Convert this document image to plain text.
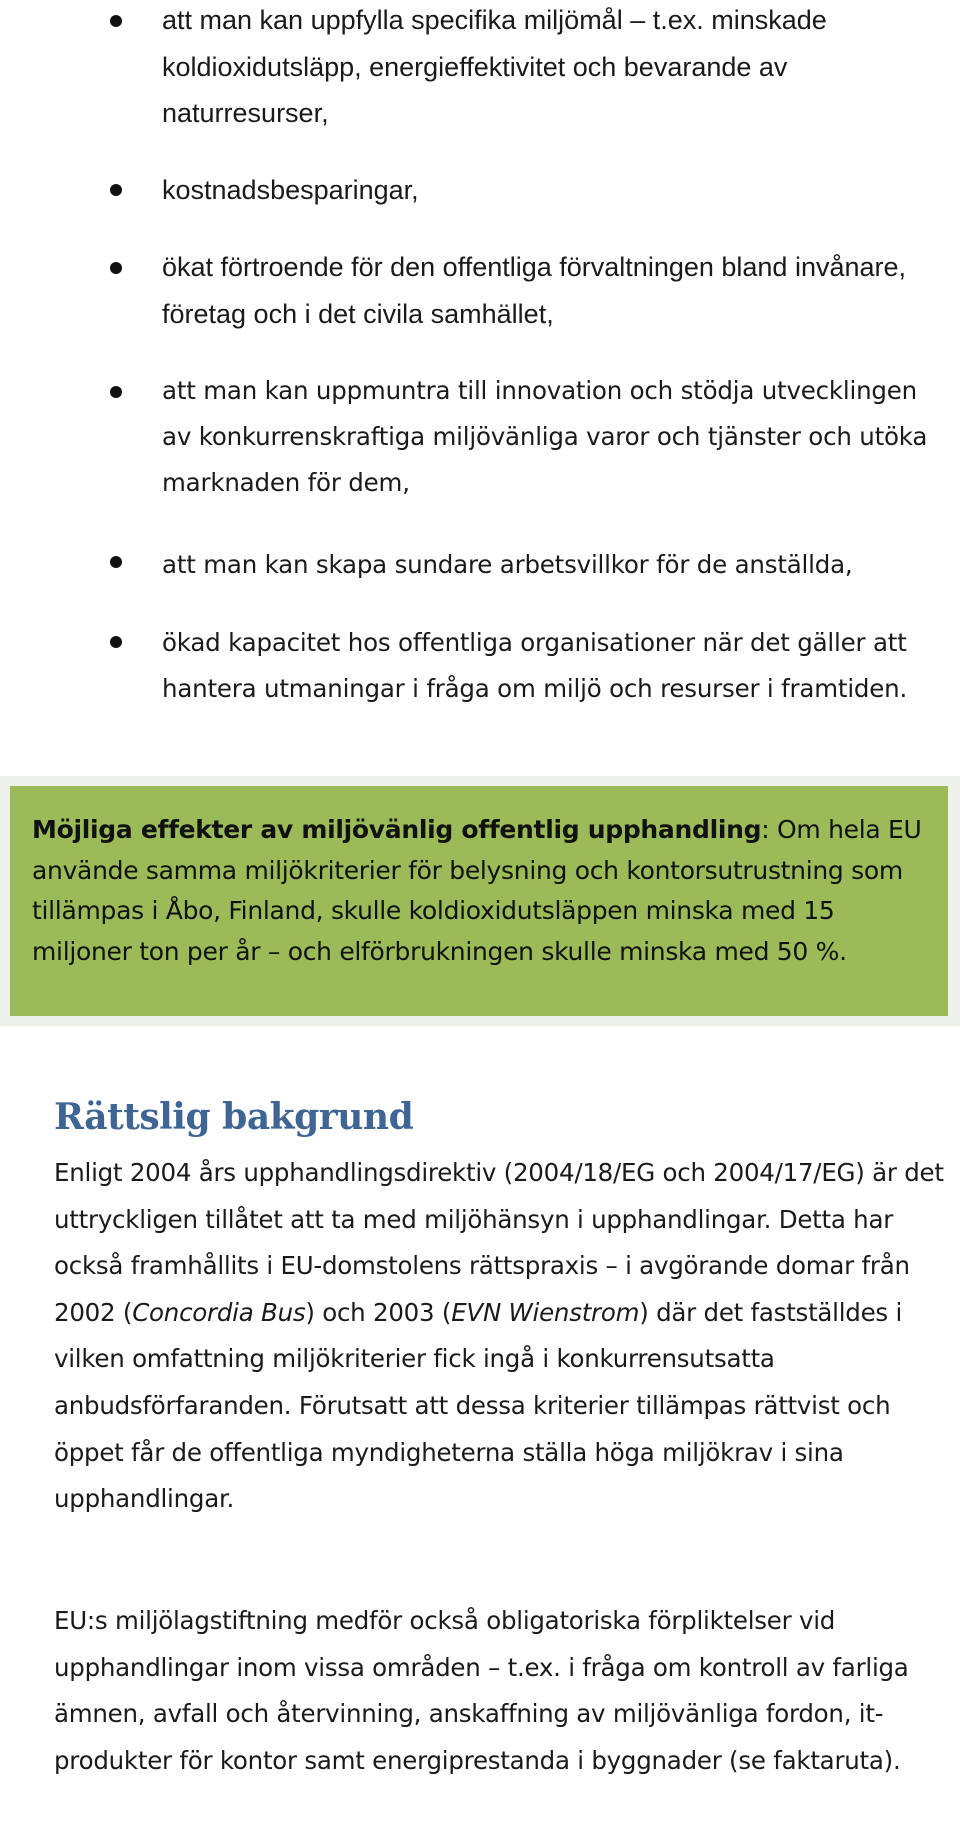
att man kan uppfylla specifika miljömål – t.ex. minskade koldioxidutsläpp, energieffektivitet och bevarande av naturresurser,

kostnadsbesparingar,

ökat förtroende för den offentliga förvaltningen bland invånare, företag och i det civila samhället,

att man kan uppmuntra till innovation och stödja utvecklingen av konkurrenskraftiga miljövänliga varor och tjänster och utöka marknaden för dem,

att man kan skapa sundare arbetsvillkor för de anställda,

ökad kapacitet hos offentliga organisationer när det gäller att hantera utmaningar i fråga om miljö och resurser i framtiden.

Möjliga effekter av miljövänlig offentlig upphandling: Om hela EU använde samma miljökriterier för belysning och kontorsutrustning som tillämpas i Åbo, Finland, skulle koldioxidutsläppen minska med 15 miljoner ton per år – och elförbrukningen skulle minska med 50 %.

Rättslig bakgrund

Enligt 2004 års upphandlingsdirektiv (2004/18/EG och 2004/17/EG) är det uttryckligen tillåtet att ta med miljöhänsyn i upphandlingar. Detta har också framhållits i EU-domstolens rättspraxis – i avgörande domar från 2002 (Concordia Bus) och 2003 (EVN Wienstrom) där det fastställdes i vilken omfattning miljökriterier fick ingå i konkurrensutsatta anbudsförfaranden. Förutsatt att dessa kriterier tillämpas rättvist och öppet får de offentliga myndigheterna ställa höga miljökrav i sina upphandlingar.

EU:s miljölagstiftning medför också obligatoriska förpliktelser vid upphandlingar inom vissa områden – t.ex. i fråga om kontroll av farliga ämnen, avfall och återvinning, anskaffning av miljövänliga fordon, it-produkter för kontor samt energiprestanda i byggnader (se faktaruta).
